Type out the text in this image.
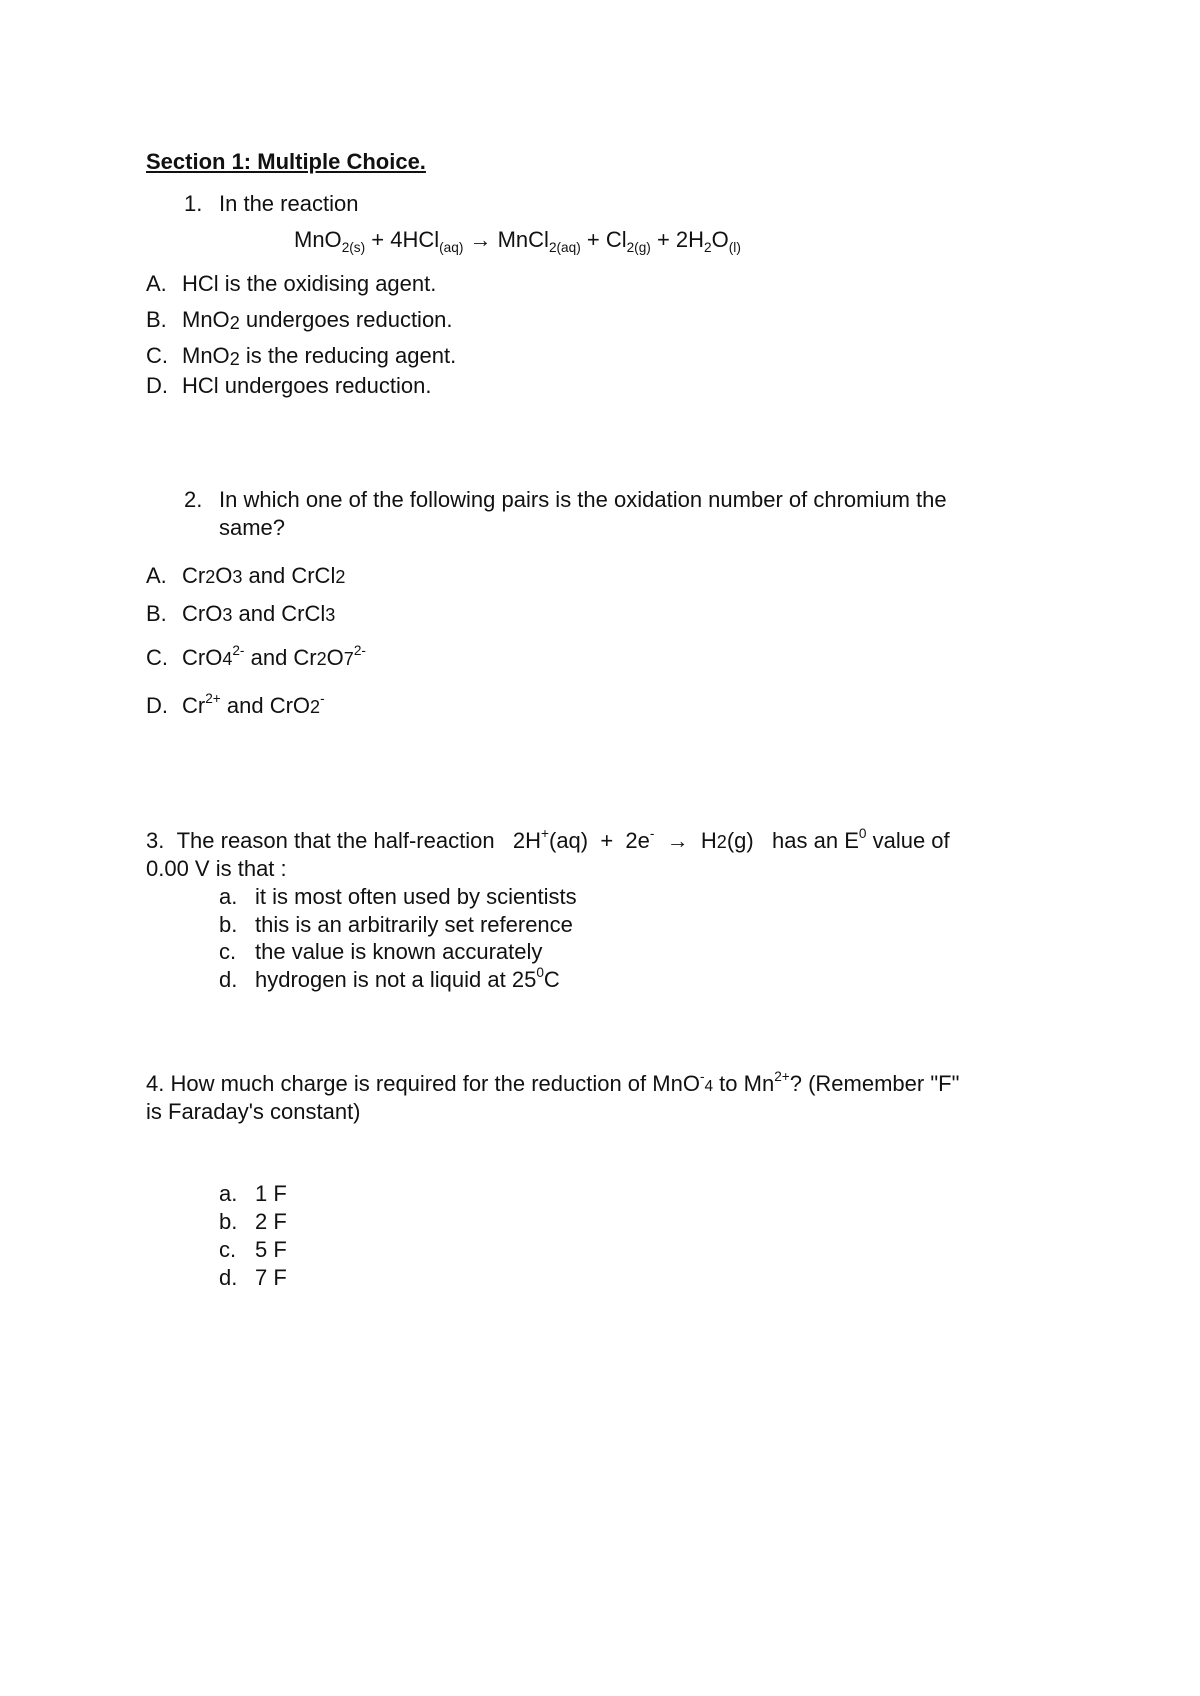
Section 1: Multiple Choice.
1. In the reaction
MnO$_{2(s)}$ + 4HCl$_{(aq)}$ → MnCl$_{2(aq)}$ + $Cl_{2(g)} + 2H_2O_{(l)}$
A. HCl is the oxidising agent.
B. MnO$_2$ undergoes reduction.
C. MnO$_2$ is the reducing agent.
D. HCl undergoes reduction.
2. In which one of the following pairs is the oxidation number of chromium the
same?
A. Cr2O3 and CrCl2
B. CrO3 and CrCl3
C. $CrO4^{2-}$ and $Cr2O7^{2-}$
D. $Cr^{2+}$ and CrO2-
3. The reason that the half-reaction   2H+(aq)  +  2e-  →  H2(g)   has an $E^0$ value of
0.00 V is that :
a. it is most often used by scientists
b. this is an arbitrarily set reference
c. the value is known accurately
d. hydrogen is not a liquid at $25^0C$
4. How much charge is required for the reduction of MnO-4 to $Mn^{2+}$? (Remember "F"
is Faraday's constant)
a. 1 F
b. 2 F
c. 5 F
d. 7 F
